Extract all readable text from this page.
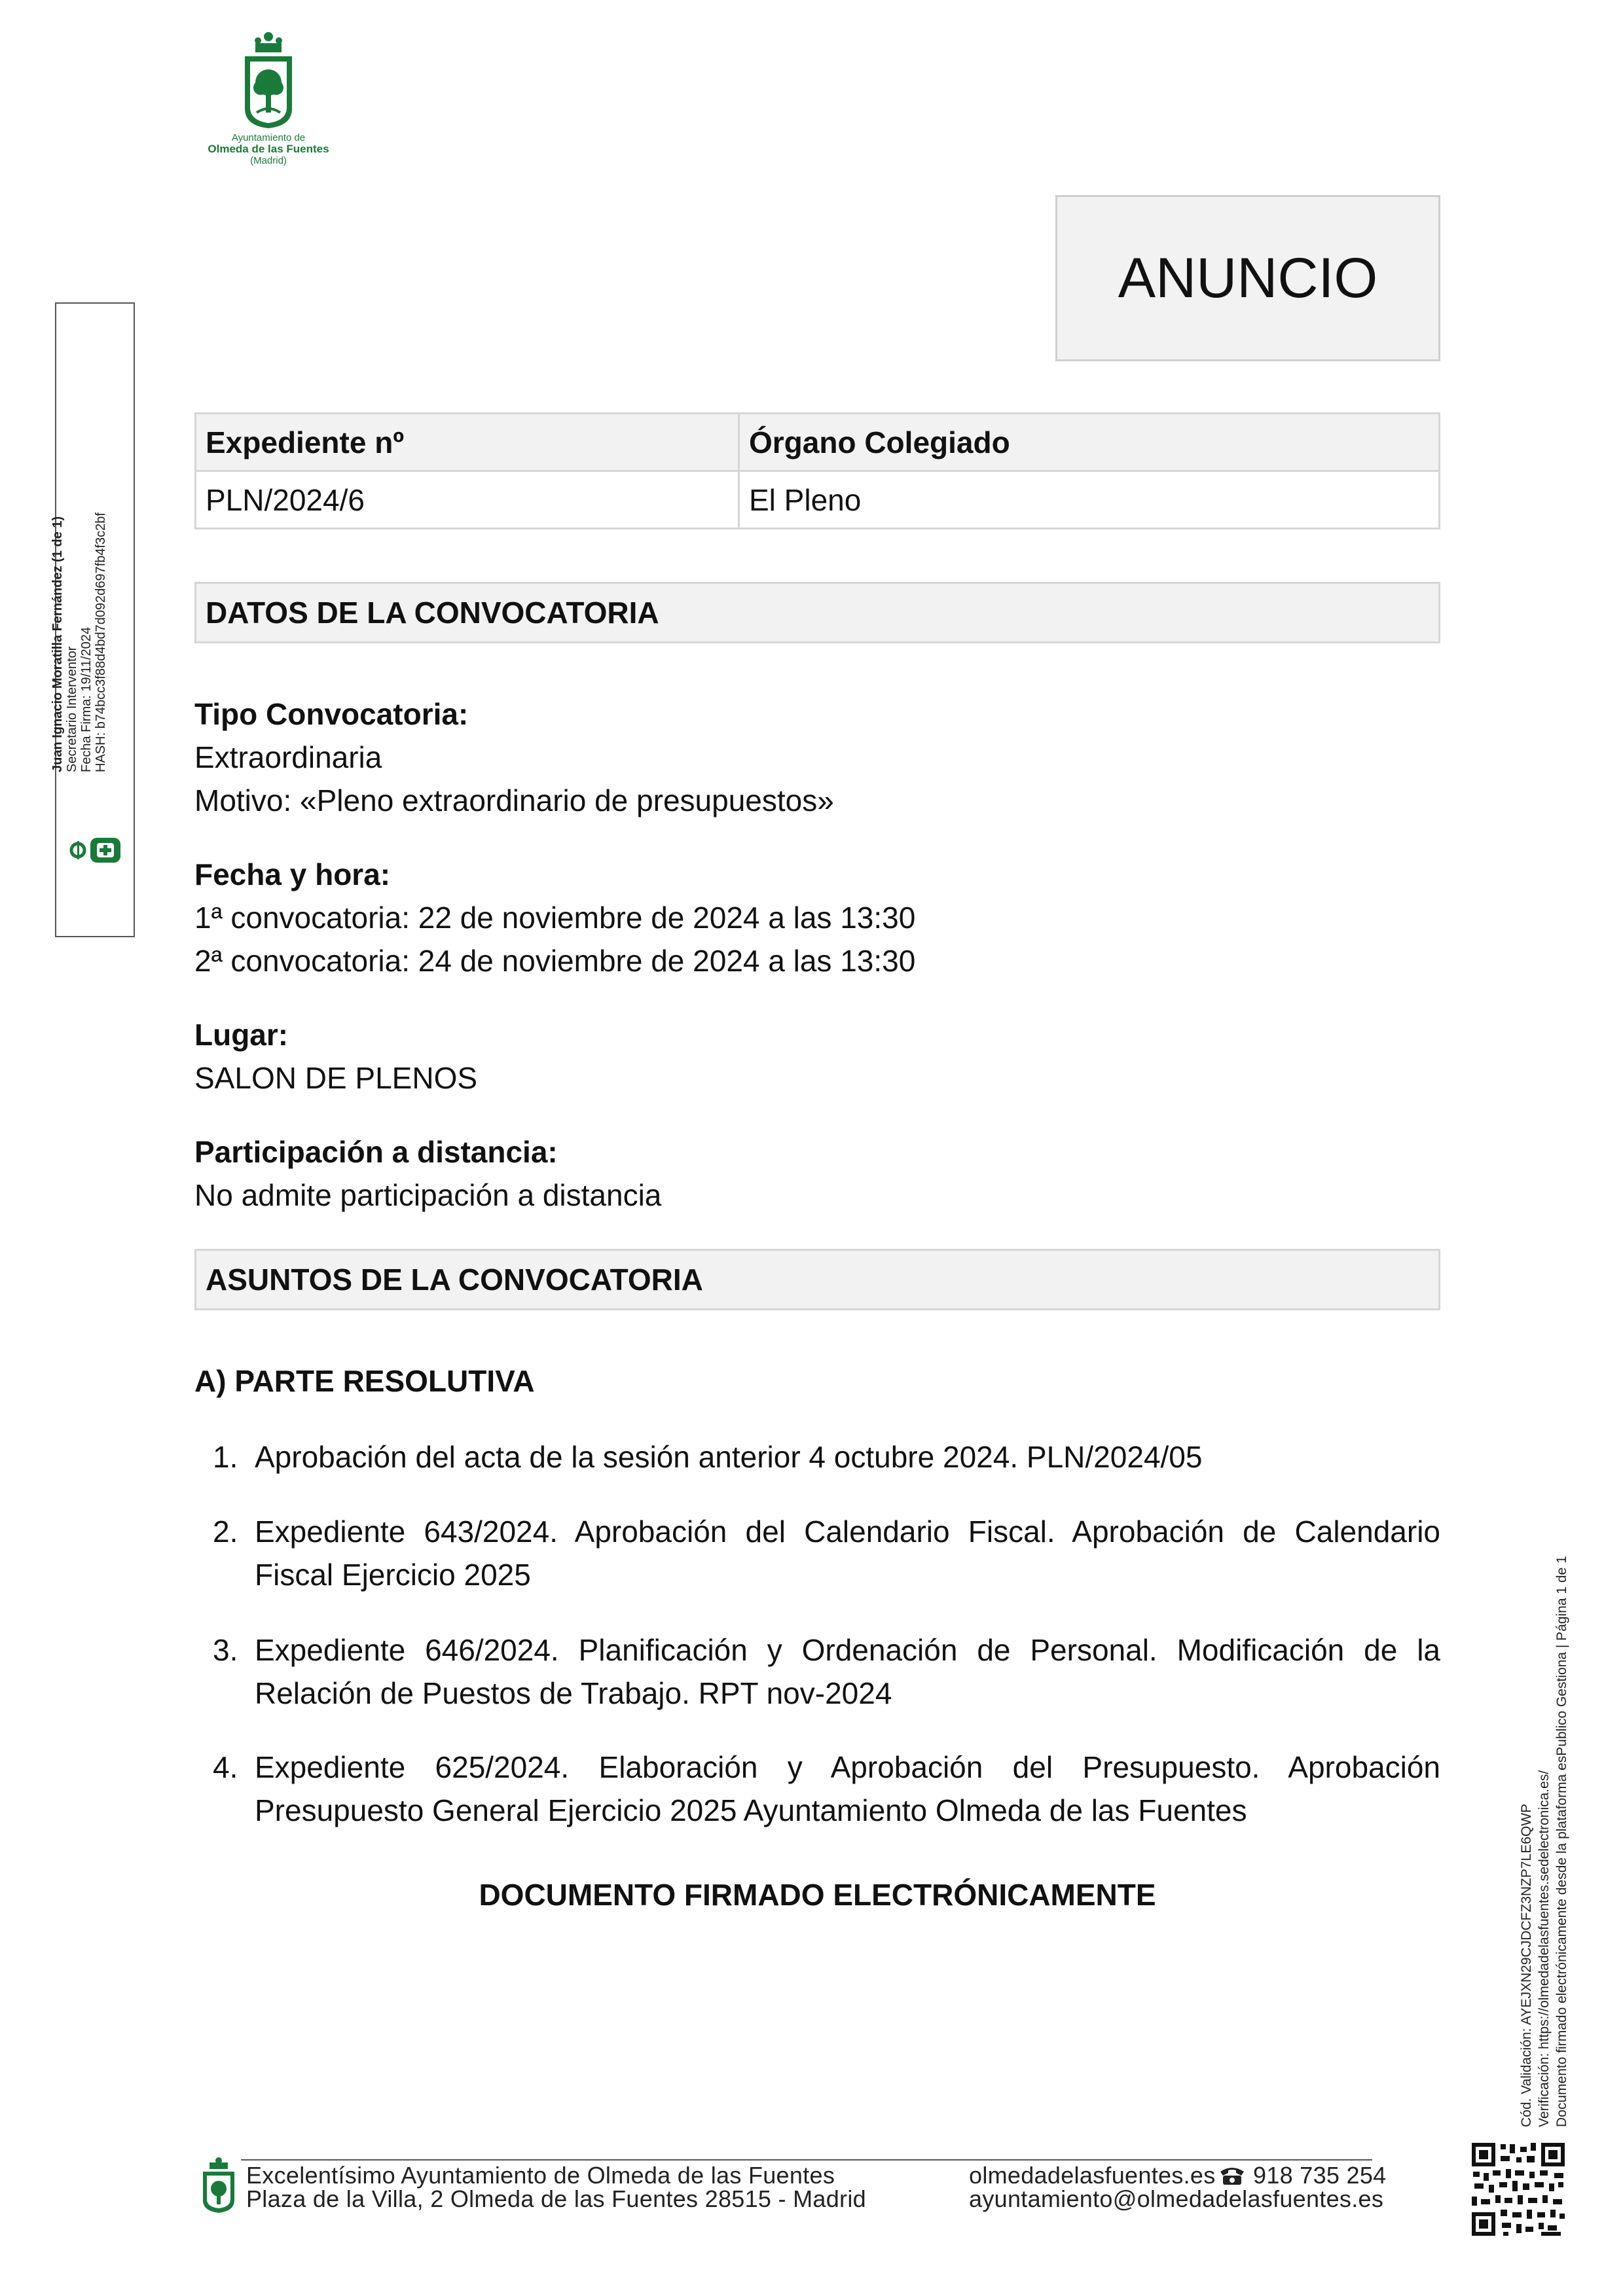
Ayuntamiento de
Olmeda de las Fuentes
(Madrid)
ANUNCIO
Expediente nº	Órgano Colegiado
PLN/2024/6	El Pleno
DATOS DE LA CONVOCATORIA
Tipo Convocatoria:
Extraordinaria
Motivo: «Pleno extraordinario de presupuestos»
Fecha y hora:
1ª convocatoria: 22 de noviembre de 2024 a las 13:30
2ª convocatoria: 24 de noviembre de 2024 a las 13:30
Lugar:
SALON DE PLENOS
Participación a distancia:
No admite participación a distancia
ASUNTOS DE LA CONVOCATORIA
A) PARTE RESOLUTIVA
1. Aprobación del acta de la sesión anterior 4 octubre 2024. PLN/2024/05
2. Expediente 643/2024. Aprobación del Calendario Fiscal. Aprobación de Calendario
Fiscal Ejercicio 2025
3. Expediente 646/2024. Planificación y Ordenación de Personal. Modificación de la
Relación de Puestos de Trabajo. RPT nov-2024
4. Expediente 625/2024. Elaboración y Aprobación del Presupuesto. Aprobación
Presupuesto General Ejercicio 2025 Ayuntamiento Olmeda de las Fuentes
DOCUMENTO FIRMADO ELECTRÓNICAMENTE
Juan Ignacio Moratilla Fernández (1 de 1) Secretario Interventor Fecha Firma: 19/11/2024 HASH: b74bcc3f88d4bd7d092d697fb4f3c2bf
Cód. Validación: AYEJXN29CJDCFZ3NZP7LE6QWP Verificación: https://olmedadelasfuentes.sedelectronica.es/ Documento firmado electrónicamente desde la plataforma esPublico Gestiona | Página 1 de 1
Excelentísimo Ayuntamiento de Olmeda de las Fuentes
Plaza de la Villa, 2 Olmeda de las Fuentes 28515 - Madrid
olmedadelasfuentes.es 918 735 254
ayuntamiento@olmedadelasfuentes.es
